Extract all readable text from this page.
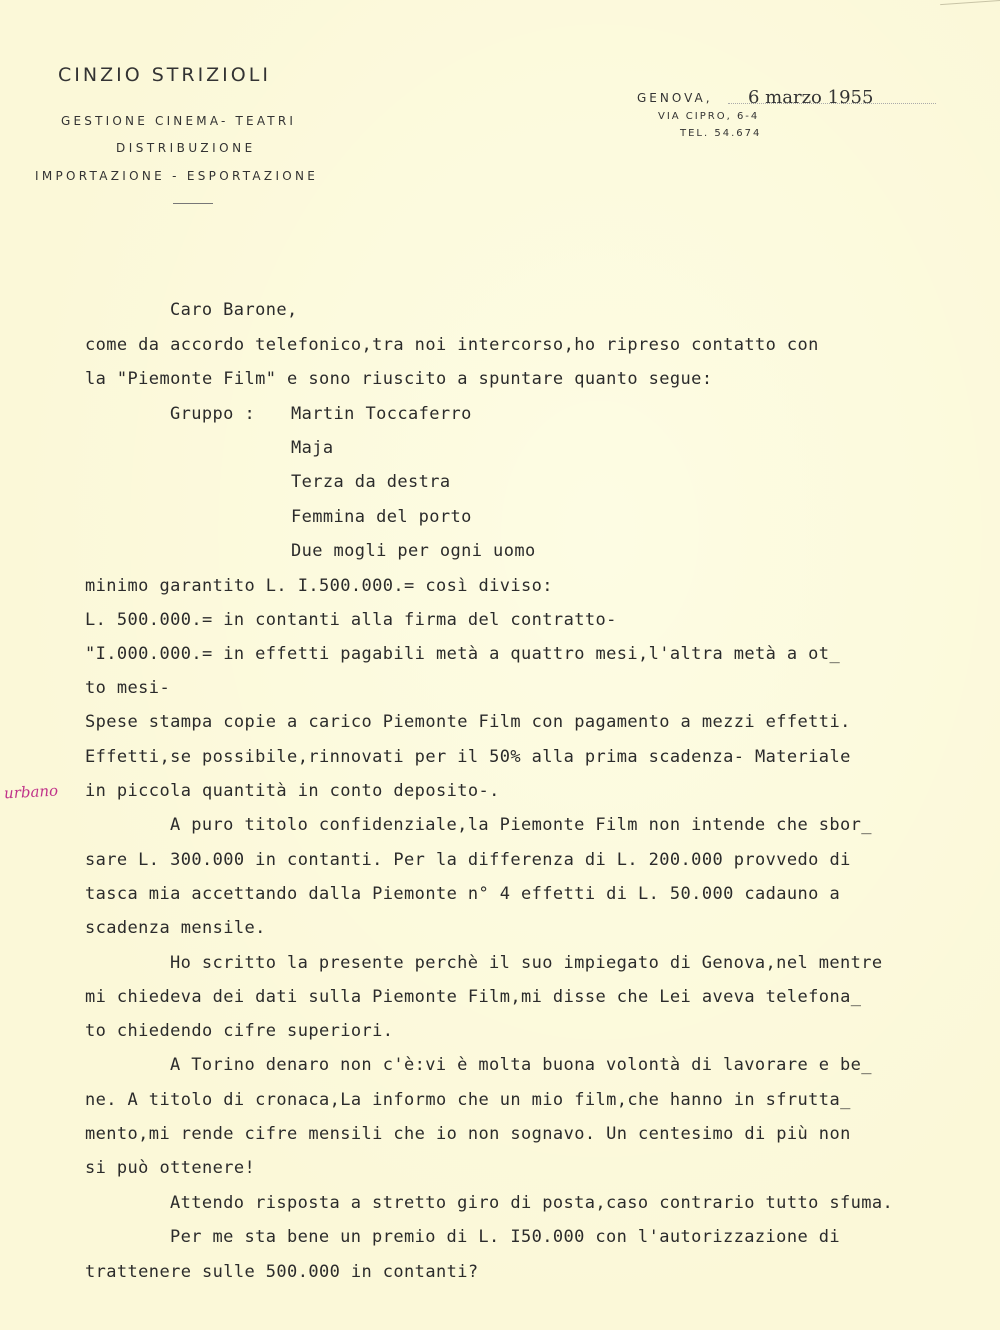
CINZIO STRIZIOLI
GESTIONE CINEMA- TEATRI
DISTRIBUZIONE
IMPORTAZIONE - ESPORTAZIONE
GENOVA, 6 marzo 1955
VIA CIPRO, 6-4
TEL. 54.674
Caro Barone,
come da accordo telefonico,tra noi intercorso,ho ripreso contatto con
la "Piemonte Film" e sono riuscito a spuntare quanto segue:
Gruppo : Martin Toccaferro
Maja
Terza da destra
Femmina del porto
Due mogli per ogni uomo
minimo garantito L. I.500.000.= così diviso:
L. 500.000.= in contanti alla firma del contratto-
"I.000.000.= in effetti pagabili metà a quattro mesi,l'altra metà a ot_
to mesi-
Spese stampa copie a carico Piemonte Film con pagamento a mezzi effetti.
Effetti,se possibile,rinnovati per il 50% alla prima scadenza- Materiale
urbano in piccola quantità in conto deposito-.
A puro titolo confidenziale,la Piemonte Film non intende che sbor_
sare L. 300.000 in contanti. Per la differenza di L. 200.000 provvedo di
tasca mia accettando dalla Piemonte n° 4 effetti di L. 50.000 cadauno a
scadenza mensile.
Ho scritto la presente perchè il suo impiegato di Genova,nel mentre
mi chiedeva dei dati sulla Piemonte Film,mi disse che Lei aveva telefona_
to chiedendo cifre superiori.
A Torino denaro non c'è:vi è molta buona volontà di lavorare e be_
ne. A titolo di cronaca,La informo che un mio film,che hanno in sfrutta_
mento,mi rende cifre mensili che io non sognavo. Un centesimo di più non
si può ottenere!
Attendo risposta a stretto giro di posta,caso contrario tutto sfuma.
Per me sta bene un premio di L. I50.000 con l'autorizzazione di
trattenere sulle 500.000 in contanti?
